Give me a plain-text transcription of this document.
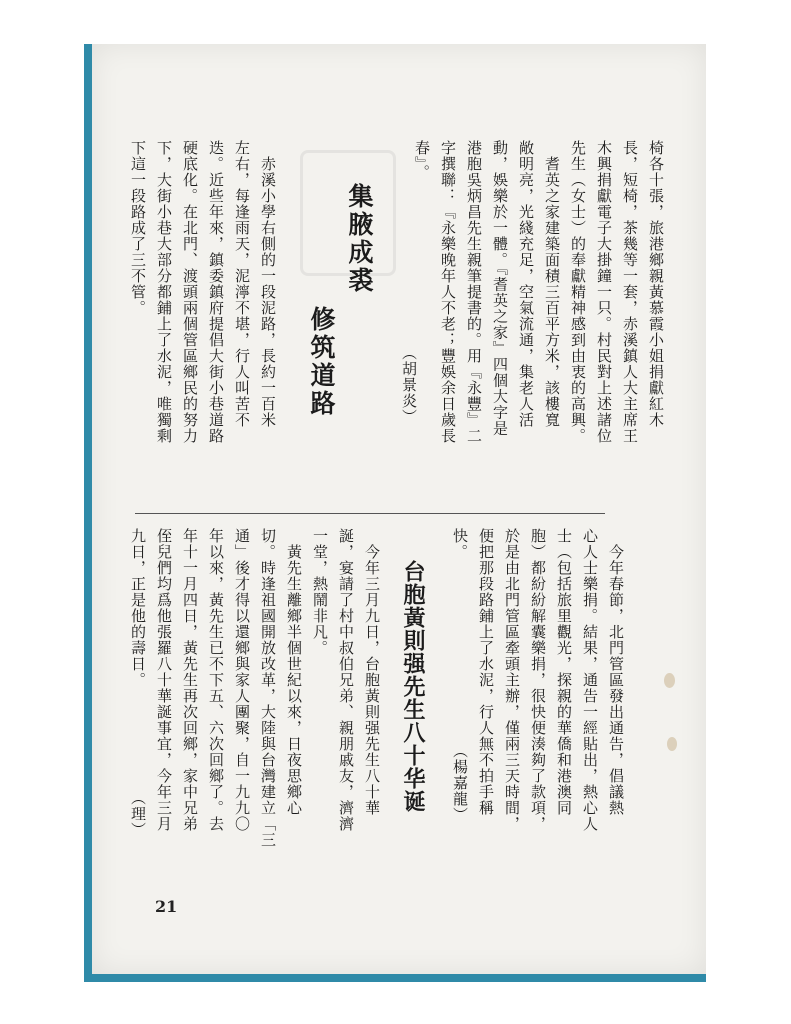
椅各十張，旅港鄉親黃慕霞小姐捐獻紅木
長，短椅，茶幾等一套，赤溪鎮人大主席王
木興捐獻電子大掛鐘一只。村民對上述諸位
先生（女士）的奉獻精神感到由衷的高興。
　耆英之家建築面積三百平方米，該樓寬
敞明亮，光綫充足，空氣流通，集老人活
動，娛樂於一體。『耆英之家』四個大字是
港胞吳炳昌先生親筆提書的。用『永豐』二
字撰聯：『永樂晚年人不老；豐娛余日歲長
春』。
（胡景炎）
集腋成裘
修筑道路
　赤溪小學右側的一段泥路，長約一百米
左右，每逢雨天，泥濘不堪，行人叫苦不
迭。近些年來，鎮委鎮府提倡大街小巷道路
硬底化。在北門、渡頭兩個管區鄉民的努力
下，大街小巷大部分都鋪上了水泥，唯獨剩
下這一段路成了三不管。
　今年春節，北門管區發出通告，倡議熱
心人士樂捐。結果，通告一經貼出，熱心人
士（包括旅里觀光，探親的華僑和港澳同
胞）都紛紛解囊樂捐，很快便湊夠了款項，
於是由北門管區牽頭主辦，僅兩三天時間，
便把那段路鋪上了水泥，行人無不拍手稱
快。
（楊嘉龍）
台胞黃則强先生八十华诞
　今年三月九日，台胞黃則强先生八十華
誕，宴請了村中叔伯兄弟、親朋戚友，濟濟
一堂，熱鬧非凡。
　黃先生離鄉半個世紀以來，日夜思鄉心
切。時逢祖國開放改革，大陸與台灣建立「三
通」後才得以還鄉與家人團聚，自一九九〇
年以來，黃先生已不下五、六次回鄉了。去
年十一月四日，黃先生再次回鄉，家中兄弟
侄兒們均爲他張羅八十華誕事宜，今年三月
九日，正是他的壽日。
（理）
21
